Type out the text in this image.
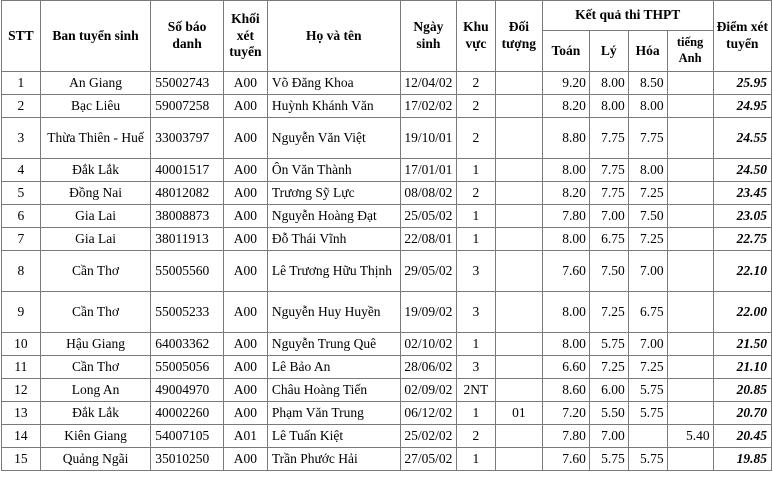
STT	Ban tuyển sinh	Số báo danh	Khối xét tuyển	Họ và tên	Ngày sinh	Khu vực	Đối tượng	Kết quả thi THPT				Điểm xét tuyển
								Toán	Lý	Hóa	tiếng Anh	
1	An Giang	55002743	A00	Võ Đăng Khoa	12/04/02	2		9.20	8.00	8.50		25.95
2	Bạc Liêu	59007258	A00	Huỳnh Khánh Văn	17/02/02	2		8.20	8.00	8.00		24.95
3	Thừa Thiên - Huế	33003797	A00	Nguyễn Văn Việt	19/10/01	2		8.80	7.75	7.75		24.55
4	Đắk Lắk	40001517	A00	Ôn Văn Thành	17/01/01	1		8.00	7.75	8.00		24.50
5	Đồng Nai	48012082	A00	Trương Sỹ Lực	08/08/02	2		8.20	7.75	7.25		23.45
6	Gia Lai	38008873	A00	Nguyễn Hoàng Đạt	25/05/02	1		7.80	7.00	7.50		23.05
7	Gia Lai	38011913	A00	Đỗ Thái Vĩnh	22/08/01	1		8.00	6.75	7.25		22.75
8	Cần Thơ	55005560	A00	Lê Trương Hữu Thịnh	29/05/02	3		7.60	7.50	7.00		22.10
9	Cần Thơ	55005233	A00	Nguyễn Huy Huyền	19/09/02	3		8.00	7.25	6.75		22.00
10	Hậu Giang	64003362	A00	Nguyễn Trung Quê	02/10/02	1		8.00	5.75	7.00		21.50
11	Cần Thơ	55005056	A00	Lê Bảo An	28/06/02	3		6.60	7.25	7.25		21.10
12	Long An	49004970	A00	Châu Hoàng Tiến	02/09/02	2NT		8.60	6.00	5.75		20.85
13	Đắk Lắk	40002260	A00	Phạm Văn Trung	06/12/02	1	01	7.20	5.50	5.75		20.70
14	Kiên Giang	54007105	A01	Lê Tuấn Kiệt	25/02/02	2		7.80	7.00		5.40	20.45
15	Quảng Ngãi	35010250	A00	Trần Phước Hải	27/05/02	1		7.60	5.75	5.75		19.85
